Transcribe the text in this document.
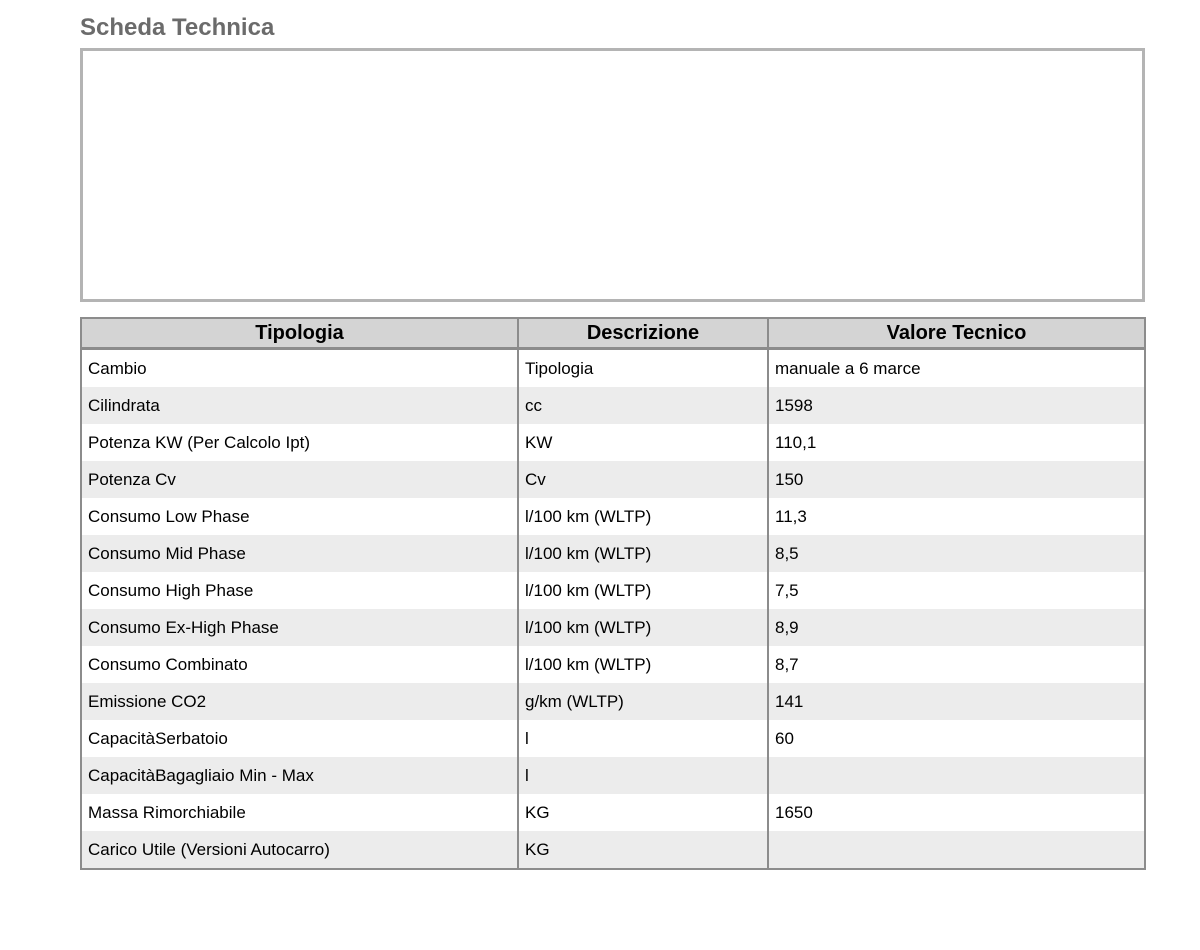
Scheda Technica
Tipologia	Descrizione	Valore Tecnico
Cambio	Tipologia	manuale a 6 marce
Cilindrata	cc	1598
Potenza KW (Per Calcolo Ipt)	KW	110,1
Potenza Cv	Cv	150
Consumo Low Phase	l/100 km (WLTP)	11,3
Consumo Mid Phase	l/100 km (WLTP)	8,5
Consumo High Phase	l/100 km (WLTP)	7,5
Consumo Ex-High Phase	l/100 km (WLTP)	8,9
Consumo Combinato	l/100 km (WLTP)	8,7
Emissione CO2	g/km (WLTP)	141
CapacitàSerbatoio	l	60
CapacitàBagagliaio Min - Max	l	
Massa Rimorchiabile	KG	1650
Carico Utile (Versioni Autocarro)	KG	
